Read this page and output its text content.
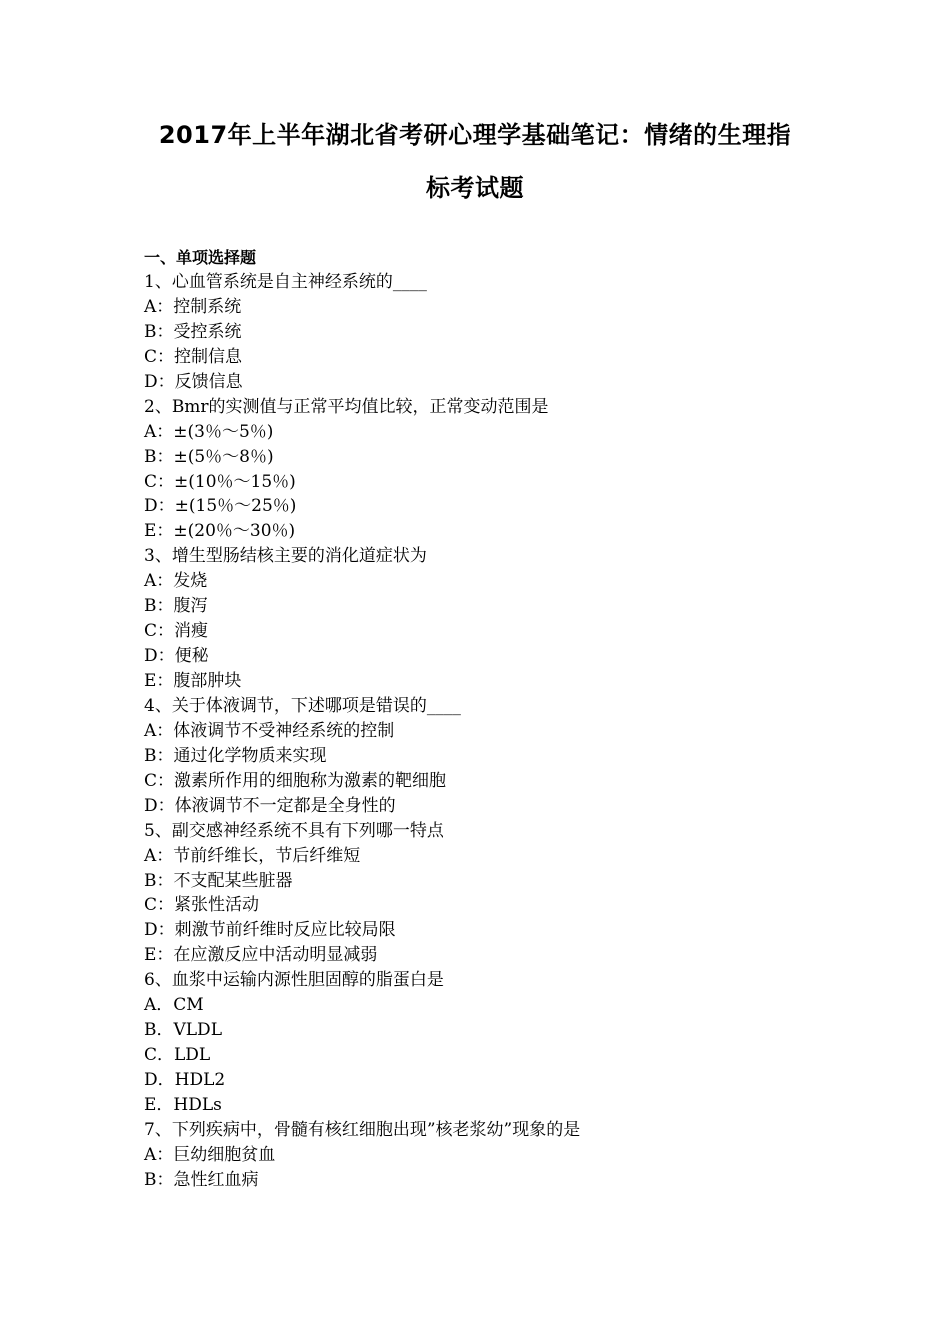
2017年上半年湖北省考研心理学基础笔记：情绪的生理指
标考试题
一、单项选择题
1、心血管系统是自主神经系统的____
A：控制系统
B：受控系统
C：控制信息
D：反馈信息
2、Bmr的实测值与正常平均值比较，正常变动范围是
A：±(3％～5％)
B：±(5％～8％)
C：±(10％～15％)
D：±(15％～25％)
E：±(20％～30％)
3、增生型肠结核主要的消化道症状为
A：发烧
B：腹泻
C：消瘦
D：便秘
E：腹部肿块
4、关于体液调节，下述哪项是错误的____
A：体液调节不受神经系统的控制
B：通过化学物质来实现
C：激素所作用的细胞称为激素的靶细胞
D：体液调节不一定都是全身性的
5、副交感神经系统不具有下列哪一特点
A：节前纤维长，节后纤维短
B：不支配某些脏器
C：紧张性活动
D：刺激节前纤维时反应比较局限
E：在应激反应中活动明显减弱
6、血浆中运输内源性胆固醇的脂蛋白是
A．CM
B．VLDL
C．LDL
D．HDL2
E．HDLs
7、下列疾病中，骨髓有核红细胞出现”核老浆幼”现象的是
A：巨幼细胞贫血
B：急性红血病
